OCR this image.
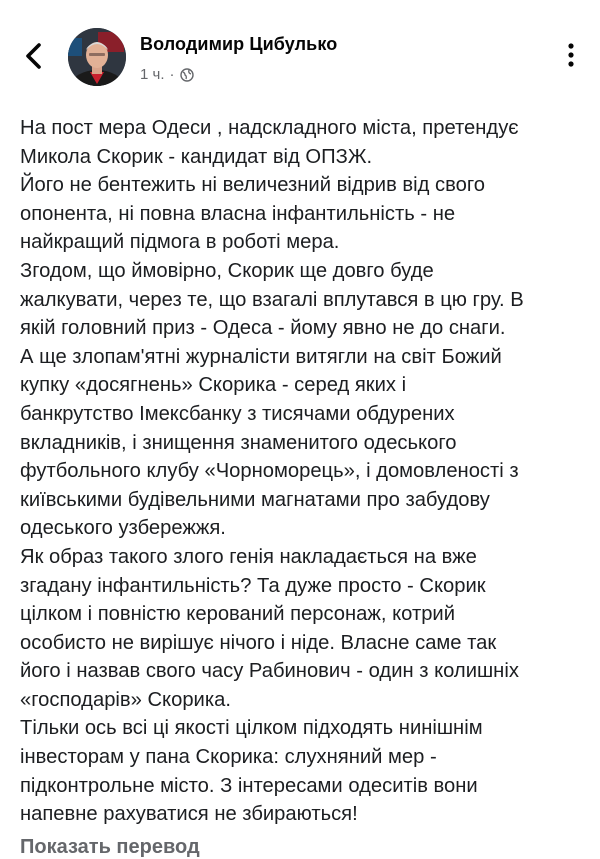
Володимир Цибулько
1 ч. ·
На пост мера Одеси , надскладного міста, претендує
Микола Скорик - кандидат від ОПЗЖ.
Його не бентежить ні величезний відрив від свого
опонента, ні повна власна інфантильність - не
найкращий підмога в роботі мера.
Згодом, що ймовірно, Скорик ще довго буде
жалкувати, через те, що взагалі вплутався в цю гру. В
якій головний приз - Одеса - йому явно не до снаги.
А ще злопам'ятні журналісти витягли на світ Божий
купку «досягнень» Скорика - серед яких і
банкрутство Імексбанку з тисячами обдурених
вкладників, і знищення знаменитого одеського
футбольного клубу «Чорноморець», і домовленості з
київськими будівельними магнатами про забудову
одеського узбережжя.
Як образ такого злого генія накладається на вже
згадану інфантильність? Та дуже просто - Скорик
цілком і повністю керований персонаж, котрий
особисто не вирішує нічого і ніде. Власне саме так
його і назвав свого часу Рабинович - один з колишніх
«господарів» Скорика.
Тільки ось всі ці якості цілком підходять нинішнім
інвесторам у пана Скорика: слухняний мер -
підконтрольне місто. З інтересами одеситів вони
напевне рахуватися не збираються!
Показать перевод
